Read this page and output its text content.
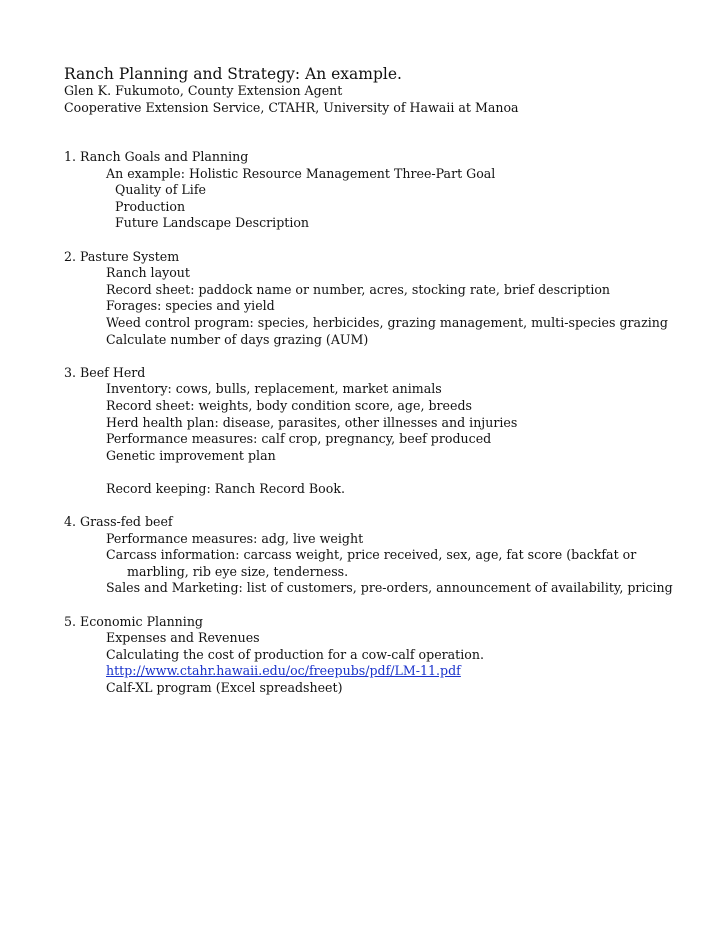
Ranch Planning and Strategy: An example.
Glen K. Fukumoto, County Extension Agent
Cooperative Extension Service, CTAHR, University of Hawaii at Manoa
1. Ranch Goals and Planning
An example: Holistic Resource Management Three-Part Goal
Quality of Life
Production
Future Landscape Description
2. Pasture System
Ranch layout
Record sheet: paddock name or number, acres, stocking rate, brief description
Forages: species and yield
Weed control program: species, herbicides, grazing management, multi-species grazing
Calculate number of days grazing (AUM)
3. Beef Herd
Inventory: cows, bulls, replacement, market animals
Record sheet: weights, body condition score, age, breeds
Herd health plan: disease, parasites, other illnesses and injuries
Performance measures: calf crop, pregnancy, beef produced
Genetic improvement plan
Record keeping: Ranch Record Book.
4. Grass-fed beef
Performance measures: adg, live weight
Carcass information: carcass weight, price received, sex, age, fat score (backfat or
marbling, rib eye size, tenderness.
Sales and Marketing: list of customers, pre-orders, announcement of availability, pricing
5. Economic Planning
Expenses and Revenues
Calculating the cost of production for a cow-calf operation.
http://www.ctahr.hawaii.edu/oc/freepubs/pdf/LM-11.pdf
Calf-XL program (Excel spreadsheet)
